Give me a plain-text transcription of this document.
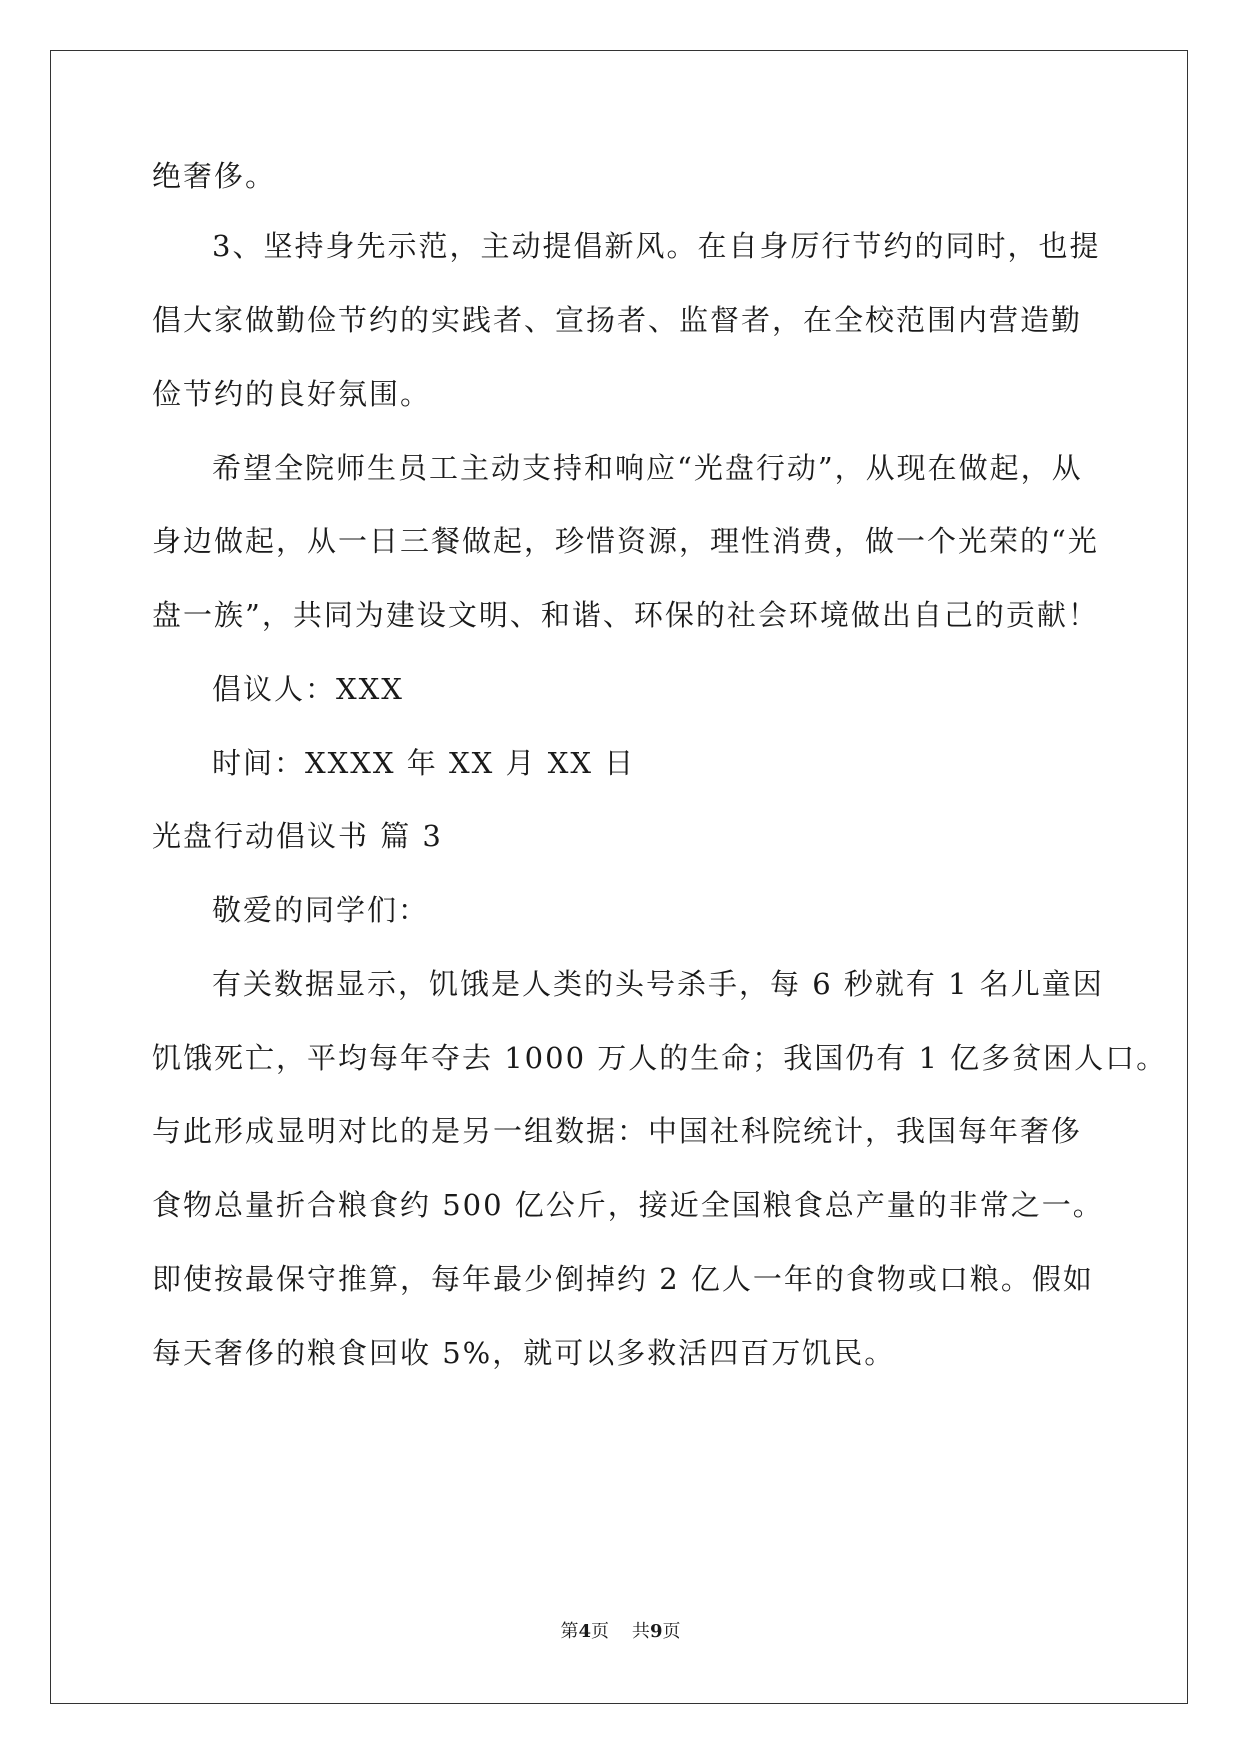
绝奢侈。
3、坚持身先示范，主动提倡新风。在自身厉行节约的同时，也提
倡大家做勤俭节约的实践者、宣扬者、监督者，在全校范围内营造勤
俭节约的良好氛围。
希望全院师生员工主动支持和响应“光盘行动”，从现在做起，从
身边做起，从一日三餐做起，珍惜资源，理性消费，做一个光荣的“光
盘一族”，共同为建设文明、和谐、环保的社会环境做出自己的贡献！
倡议人：XXX
时间：XXXX 年 XX 月 XX 日
光盘行动倡议书 篇 3
敬爱的同学们：
有关数据显示，饥饿是人类的头号杀手，每 6 秒就有 1 名儿童因
饥饿死亡，平均每年夺去 1000 万人的生命；我国仍有 1 亿多贫困人口。
与此形成显明对比的是另一组数据：中国社科院统计，我国每年奢侈
食物总量折合粮食约 500 亿公斤，接近全国粮食总产量的非常之一。
即使按最保守推算，每年最少倒掉约 2 亿人一年的食物或口粮。假如
每天奢侈的粮食回收 5%，就可以多救活四百万饥民。
第4页    共9页
